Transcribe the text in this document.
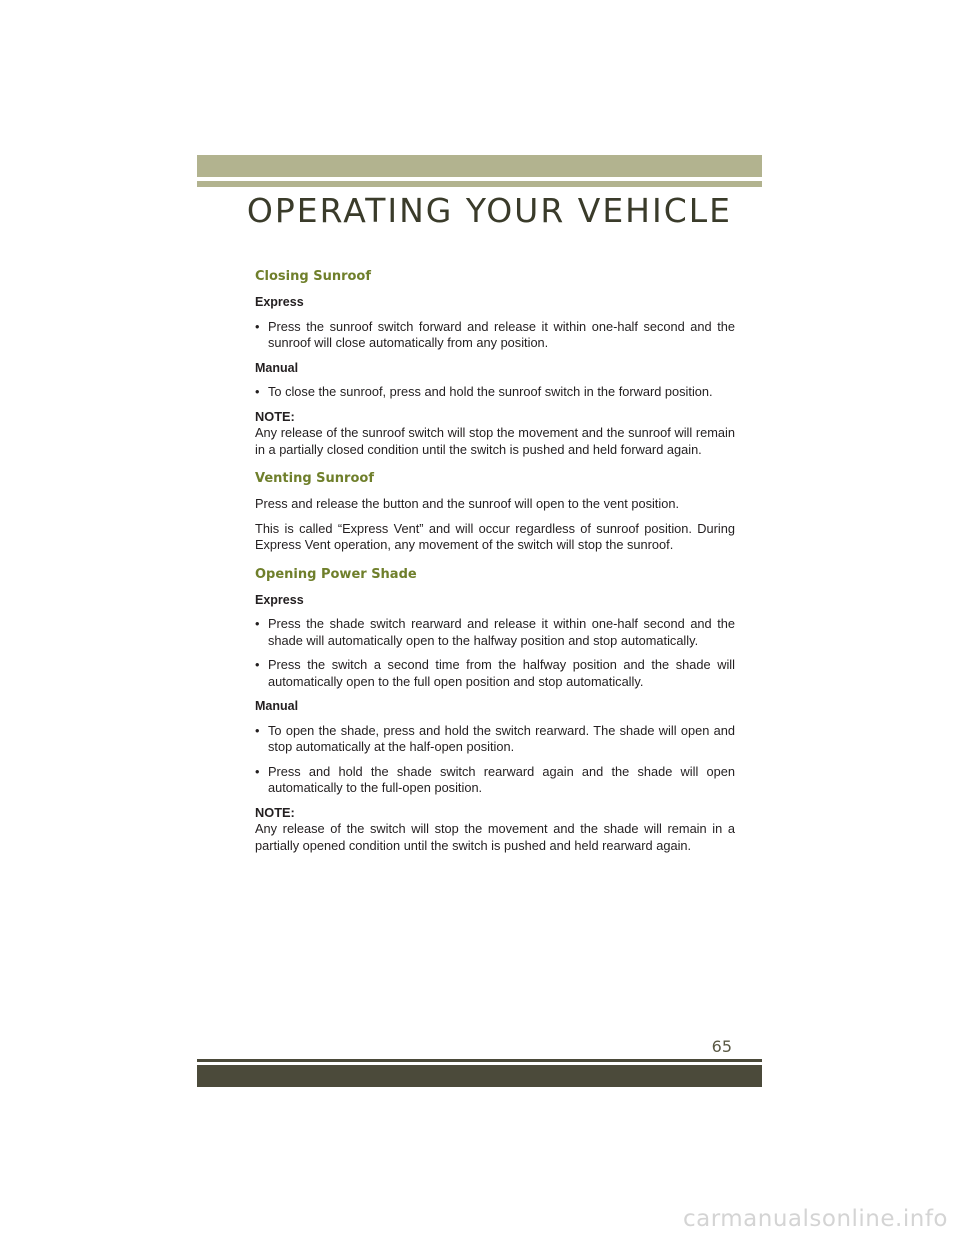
OPERATING YOUR VEHICLE
Closing Sunroof
Express
• Press the sunroof switch forward and release it within one-half second and the sunroof will close automatically from any position.
Manual
• To close the sunroof, press and hold the sunroof switch in the forward position.
NOTE:
Any release of the sunroof switch will stop the movement and the sunroof will remain in a partially closed condition until the switch is pushed and held forward again.
Venting Sunroof
Press and release the button and the sunroof will open to the vent position.
This is called “Express Vent” and will occur regardless of sunroof position. During Express Vent operation, any movement of the switch will stop the sunroof.
Opening Power Shade
Express
• Press the shade switch rearward and release it within one-half second and the shade will automatically open to the halfway position and stop automatically.
• Press the switch a second time from the halfway position and the shade will automatically open to the full open position and stop automatically.
Manual
• To open the shade, press and hold the switch rearward. The shade will open and stop automatically at the half-open position.
• Press and hold the shade switch rearward again and the shade will open automatically to the full-open position.
NOTE:
Any release of the switch will stop the movement and the shade will remain in a partially opened condition until the switch is pushed and held rearward again.
65
carmanualsonline.info
